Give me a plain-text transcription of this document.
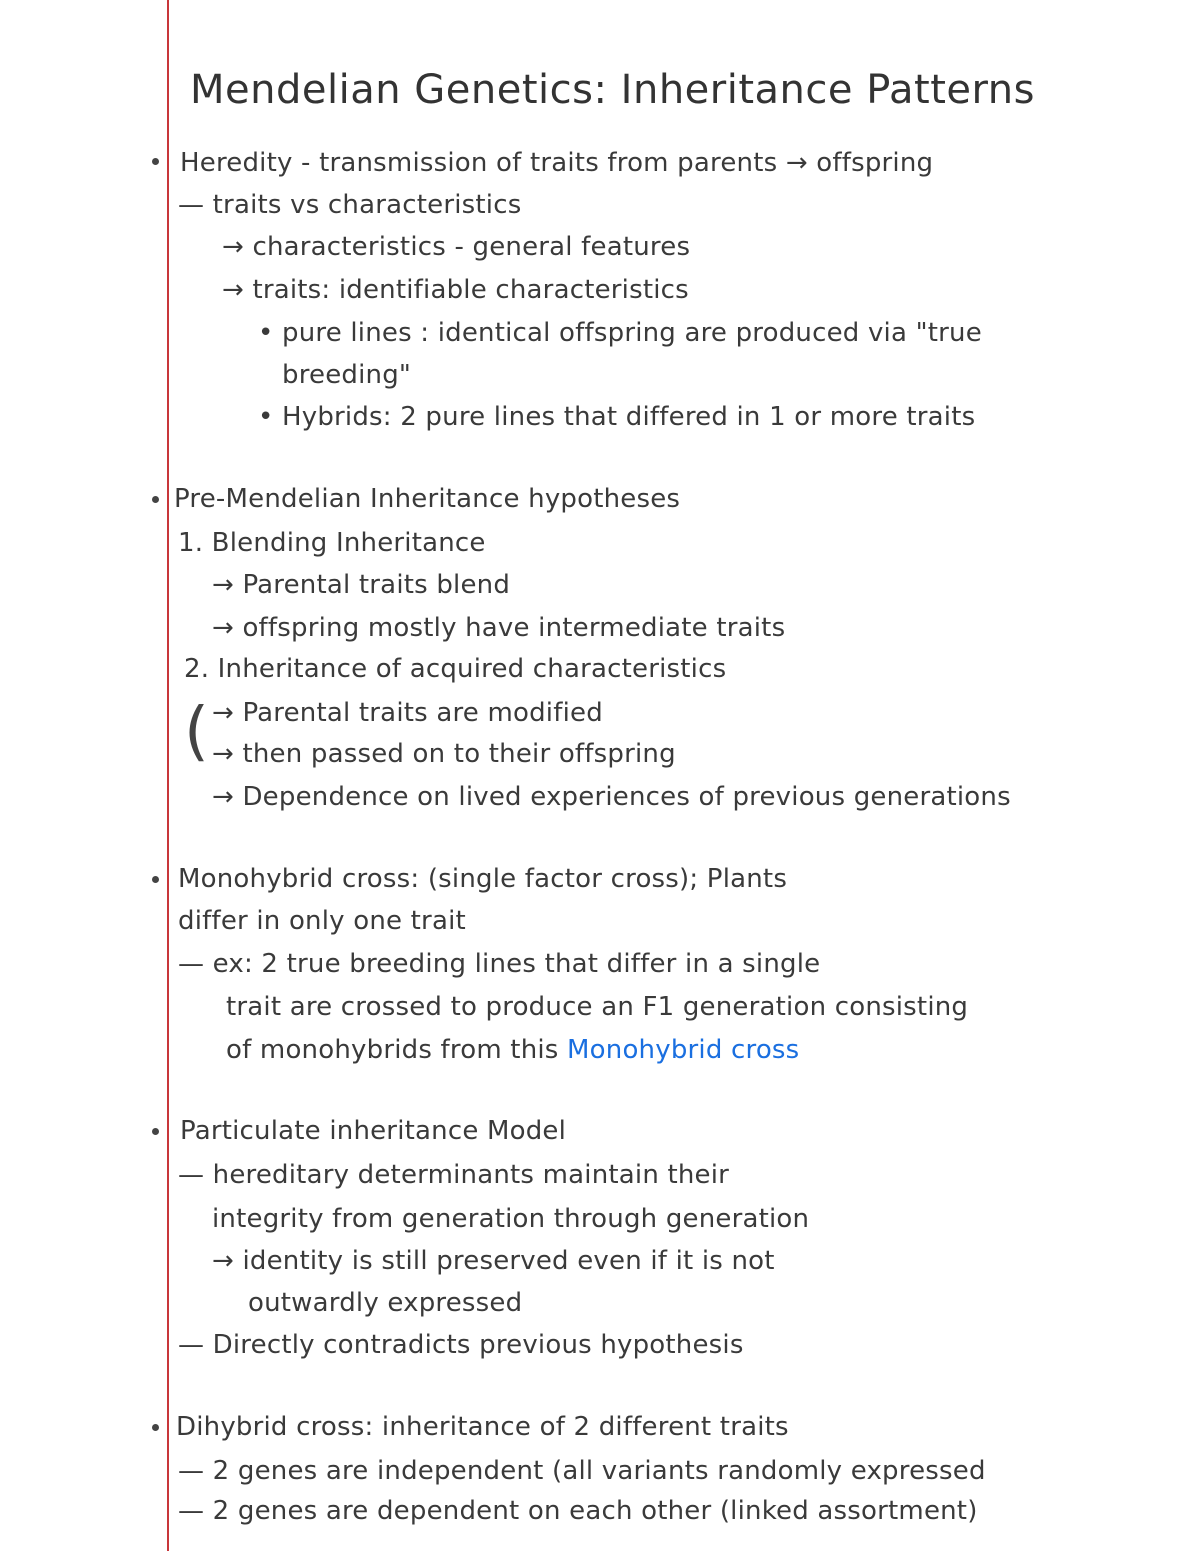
Mendelian Genetics: Inheritance Patterns
Heredity - transmission of traits from parents → offspring
— traits vs characteristics
→ characteristics - general features
→ traits: identifiable characteristics
• pure lines : identical offspring are produced via "true
breeding"
• Hybrids: 2 pure lines that differed in 1 or more traits
Pre-Mendelian Inheritance hypotheses
1. Blending Inheritance
→ Parental traits blend
→ offspring mostly have intermediate traits
2. Inheritance of acquired characteristics
( → Parental traits are modified
→ then passed on to their offspring
→ Dependence on lived experiences of previous generations
Monohybrid cross: (single factor cross); Plants
differ in only one trait
— ex: 2 true breeding lines that differ in a single
trait are crossed to produce an F1 generation consisting
of monohybrids from this Monohybrid cross
Particulate inheritance Model
— hereditary determinants maintain their
integrity from generation through generation
→ identity is still preserved even if it is not
outwardly expressed
— Directly contradicts previous hypothesis
Dihybrid cross: inheritance of 2 different traits
— 2 genes are independent (all variants randomly expressed
— 2 genes are dependent on each other (linked assortment)
